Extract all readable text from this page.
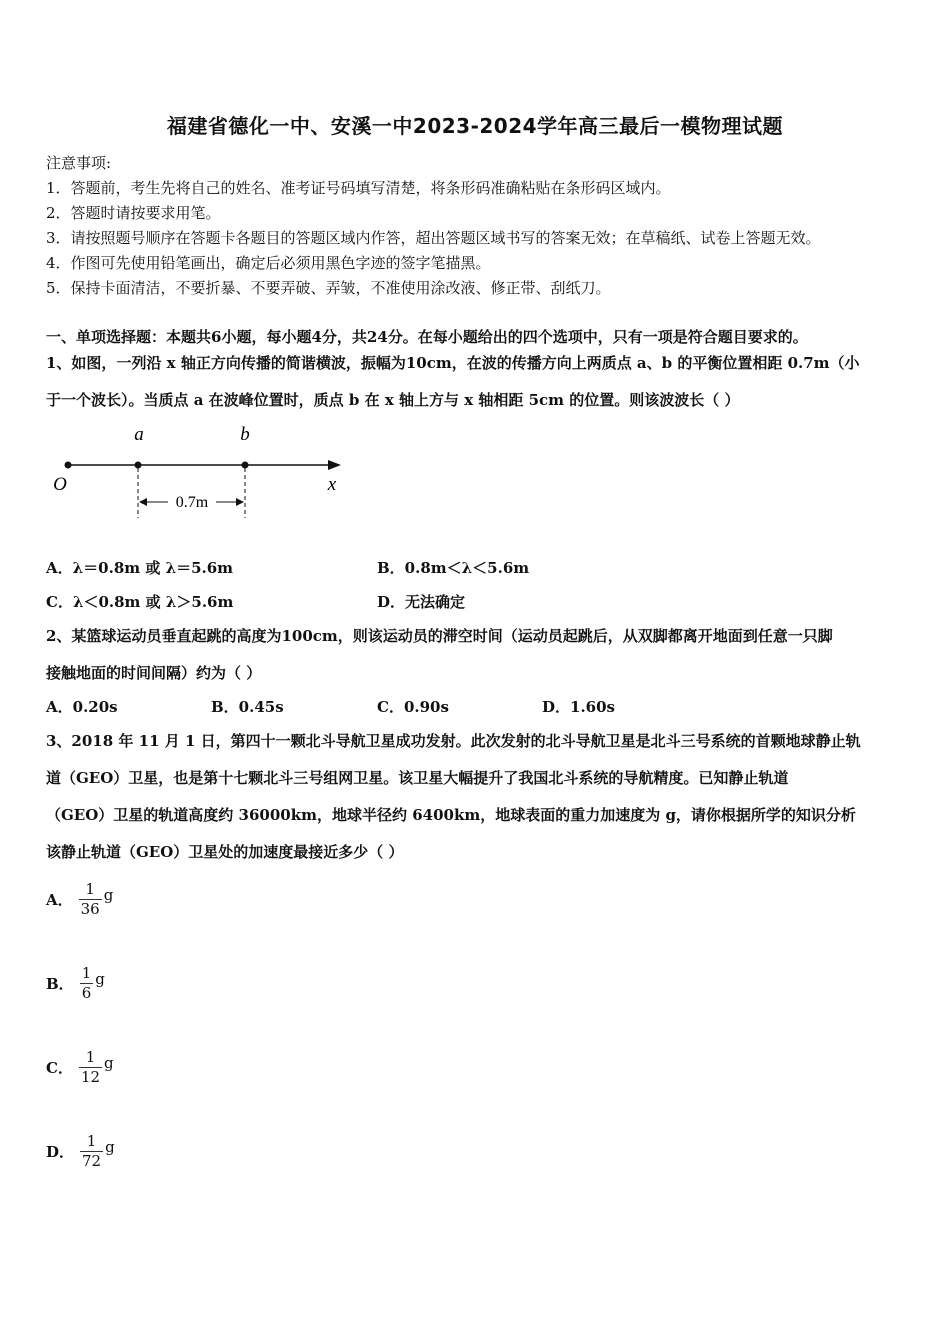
福建省德化一中、安溪一中2023-2024学年高三最后一模物理试题
注意事项:
1．答题前，考生先将自己的姓名、准考证号码填写清楚，将条形码准确粘贴在条形码区域内。
2．答题时请按要求用笔。
3．请按照题号顺序在答题卡各题目的答题区域内作答，超出答题区域书写的答案无效；在草稿纸、试卷上答题无效。
4．作图可先使用铅笔画出，确定后必须用黑色字迹的签字笔描黑。
5．保持卡面清洁，不要折暴、不要弄破、弄皱，不准使用涂改液、修正带、刮纸刀。
一、单项选择题：本题共6小题，每小题4分，共24分。在每小题给出的四个选项中，只有一项是符合题目要求的。
1、如图，一列沿 x 轴正方向传播的简谐横波，振幅为10cm，在波的传播方向上两质点 a、b 的平衡位置相距 0.7m（小
于一个波长）。当质点 a 在波峰位置时，质点 b 在 x 轴上方与 x 轴相距 5cm 的位置。则该波波长（ ）
0.7m
a	b
O	x
A．λ＝0.8m 或 λ＝5.6m	B．0.8m＜λ＜5.6m
C．λ＜0.8m 或 λ＞5.6m	D．无法确定
2、某篮球运动员垂直起跳的高度为100cm，则该运动员的滞空时间（运动员起跳后，从双脚都离开地面到任意一只脚
接触地面的时间间隔）约为（ ）
A．0.20s	B．0.45s	C．0.90s	D．1.60s
3、2018 年 11 月 1 日，第四十一颗北斗导航卫星成功发射。此次发射的北斗导航卫星是北斗三号系统的首颗地球静止轨
道（GEO）卫星，也是第十七颗北斗三号组网卫星。该卫星大幅提升了我国北斗系统的导航精度。已知静止轨道
（GEO）卫星的轨道高度约 36000km，地球半径约 6400km，地球表面的重力加速度为 g，请你根据所学的知识分析
该静止轨道（GEO）卫星处的加速度最接近多少（ ）
A． $\frac{1}{36}$ g
B． $\frac{1}{6}$ g
C． $\frac{1}{12}$ g
D． $\frac{1}{72}$ g
